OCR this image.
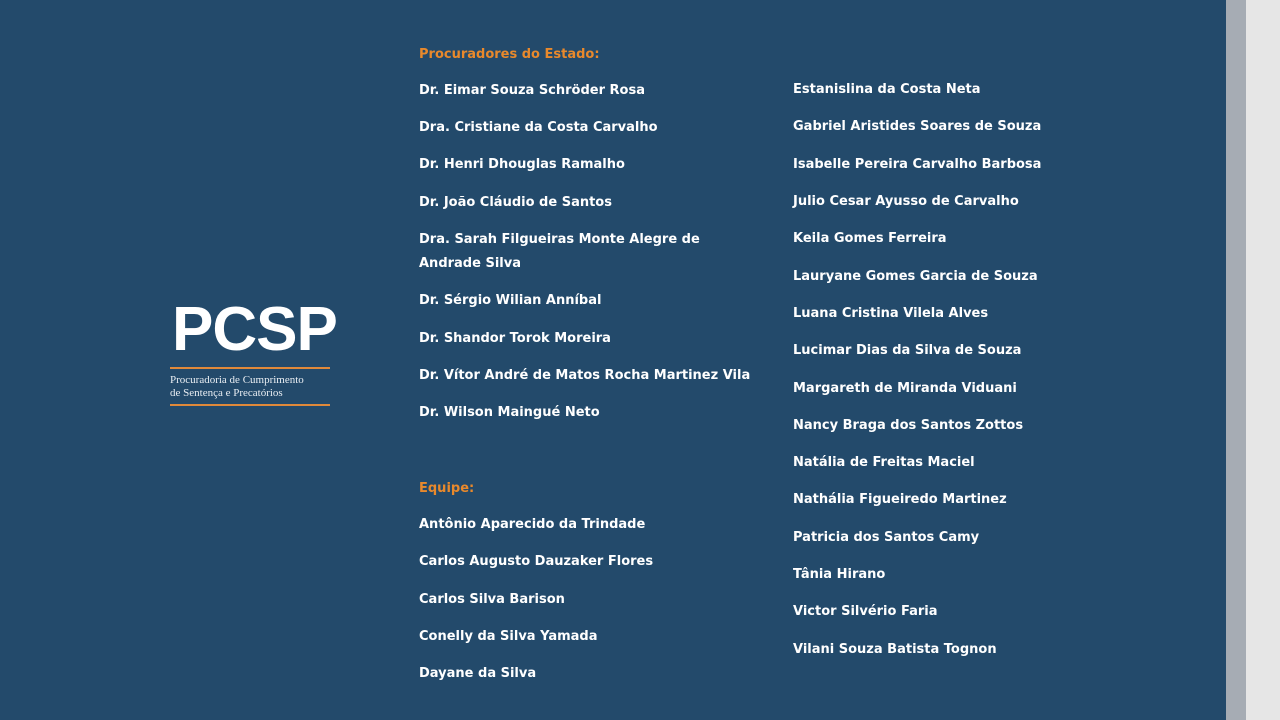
PCSP
Procuradoria de Cumprimento
de Sentença e Precatórios
Procuradores do Estado:
Dr. Eimar Souza Schröder Rosa
Dra. Cristiane da Costa Carvalho
Dr. Henri Dhouglas Ramalho
Dr. João Cláudio de Santos
Dra. Sarah Filgueiras Monte Alegre de Andrade Silva
Dr. Sérgio Wilian Anníbal
Dr. Shandor Torok Moreira
Dr. Vítor André de Matos Rocha Martinez Vila
Dr. Wilson Maingué Neto
Equipe:
Antônio Aparecido da Trindade
Carlos Augusto Dauzaker Flores
Carlos Silva Barison
Conelly da Silva Yamada
Dayane da Silva
Estanislina da Costa Neta
Gabriel Aristides Soares de Souza
Isabelle Pereira Carvalho Barbosa
Julio Cesar Ayusso de Carvalho
Keila Gomes Ferreira
Lauryane Gomes Garcia de Souza
Luana Cristina Vilela Alves
Lucimar Dias da Silva de Souza
Margareth de Miranda Viduani
Nancy Braga dos Santos Zottos
Natália de Freitas Maciel
Nathália Figueiredo Martinez
Patricia dos Santos Camy
Tânia Hirano
Victor Silvério Faria
Vilani Souza Batista Tognon
